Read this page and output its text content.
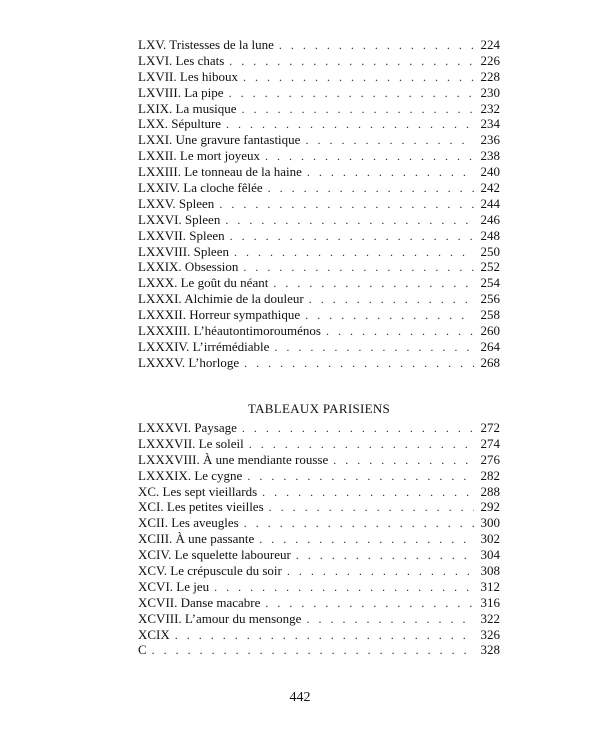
LXV. Tristesses de la lune . . .	224
LXVI. Les chats . . .	226
LXVII. Les hiboux . . .	228
LXVIII. La pipe . . .	230
LXIX. La musique . . .	232
LXX. Sépulture . . .	234
LXXI. Une gravure fantastique . . .	236
LXXII. Le mort joyeux . . .	238
LXXIII. Le tonneau de la haine . . .	240
LXXIV. La cloche fêlée . . .	242
LXXV. Spleen . . .	244
LXXVI. Spleen . . .	246
LXXVII. Spleen . . .	248
LXXVIII. Spleen . . .	250
LXXIX. Obsession . . .	252
LXXX. Le goût du néant . . .	254
LXXXI. Alchimie de la douleur . . .	256
LXXXII. Horreur sympathique . . .	258
LXXXIII. L’héautontimorouménos . . .	260
LXXXIV. L’irrémédiable . . .	264
LXXXV. L’horloge . . .	268
TABLEAUX PARISIENS
LXXXVI. Paysage . . .	272
LXXXVII. Le soleil . . .	274
LXXXVIII. À une mendiante rousse . . .	276
LXXXIX. Le cygne . . .	282
XC. Les sept vieillards . . .	288
XCI. Les petites vieilles . . .	292
XCII. Les aveugles . . .	300
XCIII. À une passante . . .	302
XCIV. Le squelette laboureur . . .	304
XCV. Le crépuscule du soir . . .	308
XCVI. Le jeu . . .	312
XCVII. Danse macabre . . .	316
XCVIII. L’amour du mensonge . . .	322
XCIX . . .	326
C . . .	328
442
